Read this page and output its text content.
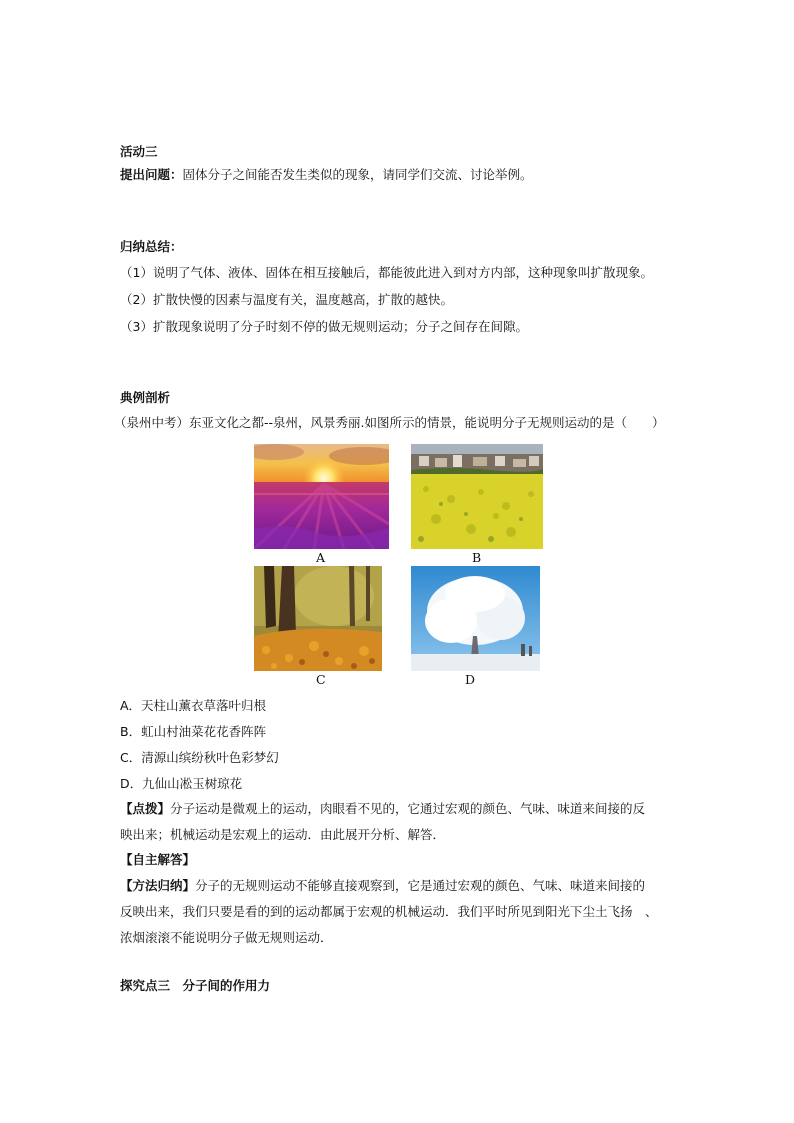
活动三
提出问题：固体分子之间能否发生类似的现象，请同学们交流、讨论举例。
归纳总结：
（1）说明了气体、液体、固体在相互接触后，都能彼此进入到对方内部，这种现象叫扩散现象。
（2）扩散快慢的因素与温度有关，温度越高，扩散的越快。
（3）扩散现象说明了分子时刻不停的做无规则运动；分子之间存在间隙。
典例剖析
（泉州中考）东亚文化之都--泉州，风景秀丽.如图所示的情景，能说明分子无规则运动的是（　　）
A	B
C	D
A．天柱山薰衣草落叶归根
B．虹山村油菜花花香阵阵
C．清源山缤纷秋叶色彩梦幻
D．九仙山凇玉树琼花
【点拨】分子运动是微观上的运动，肉眼看不见的，它通过宏观的颜色、气味、味道来间接的反
映出来；机械运动是宏观上的运动．由此展开分析、解答．
【自主解答】
【方法归纳】分子的无规则运动不能够直接观察到，它是通过宏观的颜色、气味、味道来间接的
反映出来，我们只要是看的到的运动都属于宏观的机械运动．我们平时所见到阳光下尘土飞扬　、
浓烟滚滚不能说明分子做无规则运动．
探究点三　分子间的作用力
